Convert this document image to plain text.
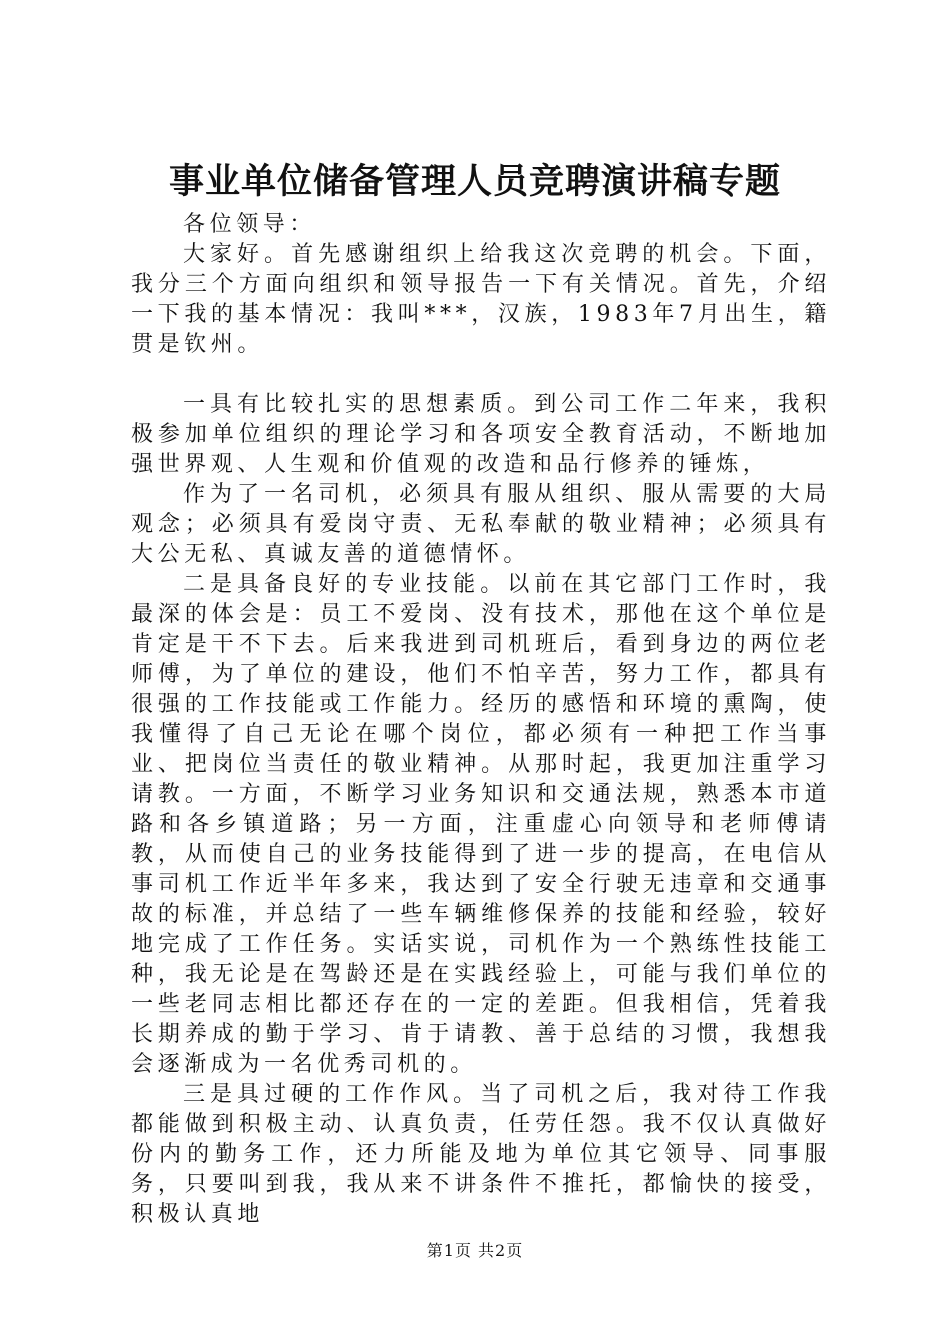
事业单位储备管理人员竞聘演讲稿专题

各位领导：

大家好。首先感谢组织上给我这次竞聘的机会。下面，我分三个方面向组织和领导报告一下有关情况。首先，介绍一下我的基本情况：我叫***，汉族，1983年7月出生，籍贯是钦州。

一具有比较扎实的思想素质。到公司工作二年来，我积极参加单位组织的理论学习和各项安全教育活动，不断地加强世界观、人生观和价值观的改造和品行修养的锤炼，

作为了一名司机，必须具有服从组织、服从需要的大局观念；必须具有爱岗守责、无私奉献的敬业精神；必须具有大公无私、真诚友善的道德情怀。

二是具备良好的专业技能。以前在其它部门工作时，我最深的体会是：员工不爱岗、没有技术，那他在这个单位是肯定是干不下去。后来我进到司机班后，看到身边的两位老师傅，为了单位的建设，他们不怕辛苦，努力工作，都具有很强的工作技能或工作能力。经历的感悟和环境的熏陶，使我懂得了自己无论在哪个岗位，都必须有一种把工作当事业、把岗位当责任的敬业精神。从那时起，我更加注重学习请教。一方面，不断学习业务知识和交通法规，熟悉本市道路和各乡镇道路；另一方面，注重虚心向领导和老师傅请教，从而使自己的业务技能得到了进一步的提高，在电信从事司机工作近半年多来，我达到了安全行驶无违章和交通事故的标准，并总结了一些车辆维修保养的技能和经验，较好地完成了工作任务。实话实说，司机作为一个熟练性技能工种，我无论是在驾龄还是在实践经验上，可能与我们单位的一些老同志相比都还存在的一定的差距。但我相信，凭着我长期养成的勤于学习、肯于请教、善于总结的习惯，我想我会逐渐成为一名优秀司机的。

三是具过硬的工作作风。当了司机之后，我对待工作我都能做到积极主动、认真负责，任劳任怨。我不仅认真做好份内的勤务工作，还力所能及地为单位其它领导、同事服务，只要叫到我，我从来不讲条件不推托，都愉快的接受，积极认真地

第1页 共2页
